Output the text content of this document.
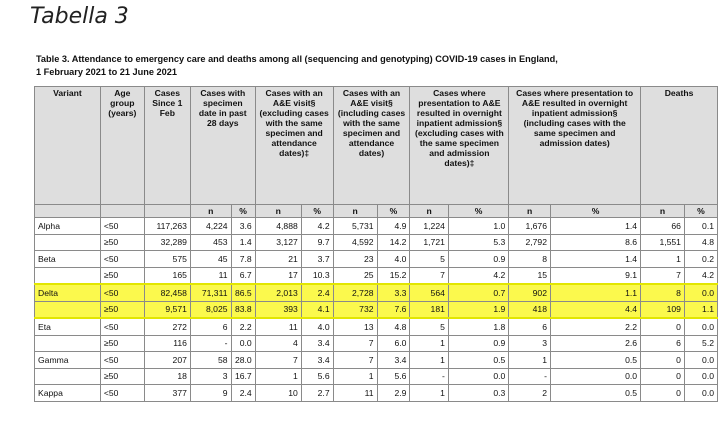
Tabella 3
Table 3. Attendance to emergency care and deaths among all (sequencing and genotyping) COVID-19 cases in England,
1 February 2021 to 21 June 2021
Variant	Age group (years)	Cases Since 1 Feb	Cases with specimen date in past 28 days		Cases with an A&E visit§ (excluding cases with the same specimen and attendance dates)‡		Cases with an A&E visit§ (including cases with the same specimen and attendance dates)		Cases where presentation to A&E resulted in overnight inpatient admission§ (excluding cases with the same specimen and admission dates)‡		Cases where presentation to A&E resulted in overnight inpatient admission§ (including cases with the same specimen and admission dates)		Deaths	
			n	%	n	%	n	%	n	%	n	%	n	%
Alpha	<50	117,263	4,224	3.6	4,888	4.2	5,731	4.9	1,224	1.0	1,676	1.4	66	0.1
	≥50	32,289	453	1.4	3,127	9.7	4,592	14.2	1,721	5.3	2,792	8.6	1,551	4.8
Beta	<50	575	45	7.8	21	3.7	23	4.0	5	0.9	8	1.4	1	0.2
	≥50	165	11	6.7	17	10.3	25	15.2	7	4.2	15	9.1	7	4.2
Delta	<50	82,458	71,311	86.5	2,013	2.4	2,728	3.3	564	0.7	902	1.1	8	0.0
	≥50	9,571	8,025	83.8	393	4.1	732	7.6	181	1.9	418	4.4	109	1.1
Eta	<50	272	6	2.2	11	4.0	13	4.8	5	1.8	6	2.2	0	0.0
	≥50	116	-	0.0	4	3.4	7	6.0	1	0.9	3	2.6	6	5.2
Gamma	<50	207	58	28.0	7	3.4	7	3.4	1	0.5	1	0.5	0	0.0
	≥50	18	3	16.7	1	5.6	1	5.6	-	0.0	-	0.0	0	0.0
Kappa	<50	377	9	2.4	10	2.7	11	2.9	1	0.3	2	0.5	0	0.0
